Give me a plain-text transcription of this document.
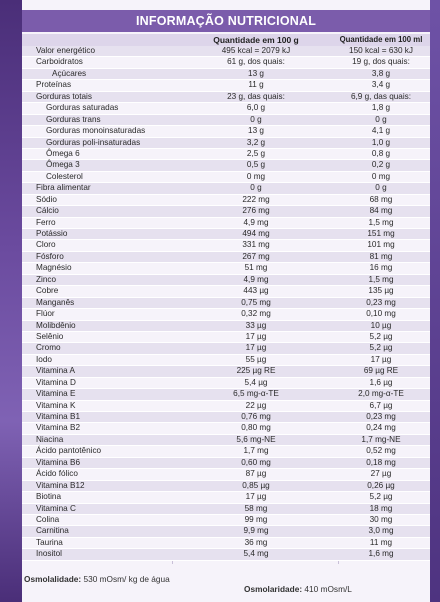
INFORMAÇÃO NUTRICIONAL
Quantidade em 100 g	Quantidade em 100 ml
Valor energético	495 kcal = 2079 kJ	150 kcal = 630 kJ
Carboidratos	61 g, dos quais:	19 g, dos quais:
Açúcares	13 g	3,8 g
Proteínas	11 g	3,4 g
Gorduras totais	23 g, das quais:	6,9 g, das quais:
Gorduras saturadas	6,0 g	1,8 g
Gorduras trans	0 g	0 g
Gorduras monoinsaturadas	13 g	4,1 g
Gorduras poli-insaturadas	3,2 g	1,0 g
Ômega 6	2,5 g	0,8 g
Ômega 3	0,5 g	0,2 g
Colesterol	0 mg	0 mg
Fibra alimentar	0 g	0 g
Sódio	222 mg	68 mg
Cálcio	276 mg	84 mg
Ferro	4,9 mg	1,5 mg
Potássio	494 mg	151 mg
Cloro	331 mg	101 mg
Fósforo	267 mg	81 mg
Magnésio	51 mg	16 mg
Zinco	4,9 mg	1,5 mg
Cobre	443 µg	135 µg
Manganês	0,75 mg	0,23 mg
Flúor	0,32 mg	0,10 mg
Molibdênio	33 µg	10 µg
Selênio	17 µg	5,2 µg
Cromo	17 µg	5,2 µg
Iodo	55 µg	17 µg
Vitamina A	225 µg RE	69 µg RE
Vitamina D	5,4 µg	1,6 µg
Vitamina E	6,5 mg-α-TE	2,0 mg-α-TE
Vitamina K	22 µg	6,7 µg
Vitamina B1	0,76 mg	0,23 mg
Vitamina B2	0,80 mg	0,24 mg
Niacina	5,6 mg-NE	1,7 mg-NE
Ácido pantotênico	1,7 mg	0,52 mg
Vitamina B6	0,60 mg	0,18 mg
Ácido fólico	87 µg	27 µg
Vitamina B12	0,85 µg	0,26 µg
Biotina	17 µg	5,2 µg
Vitamina C	58 mg	18 mg
Colina	99 mg	30 mg
Carnitina	9,9 mg	3,0 mg
Taurina	36 mg	11 mg
Inositol	5,4 mg	1,6 mg
Osmolalidade: 530 mOsm/ kg de água
Osmolaridade: 410 mOsm/L
